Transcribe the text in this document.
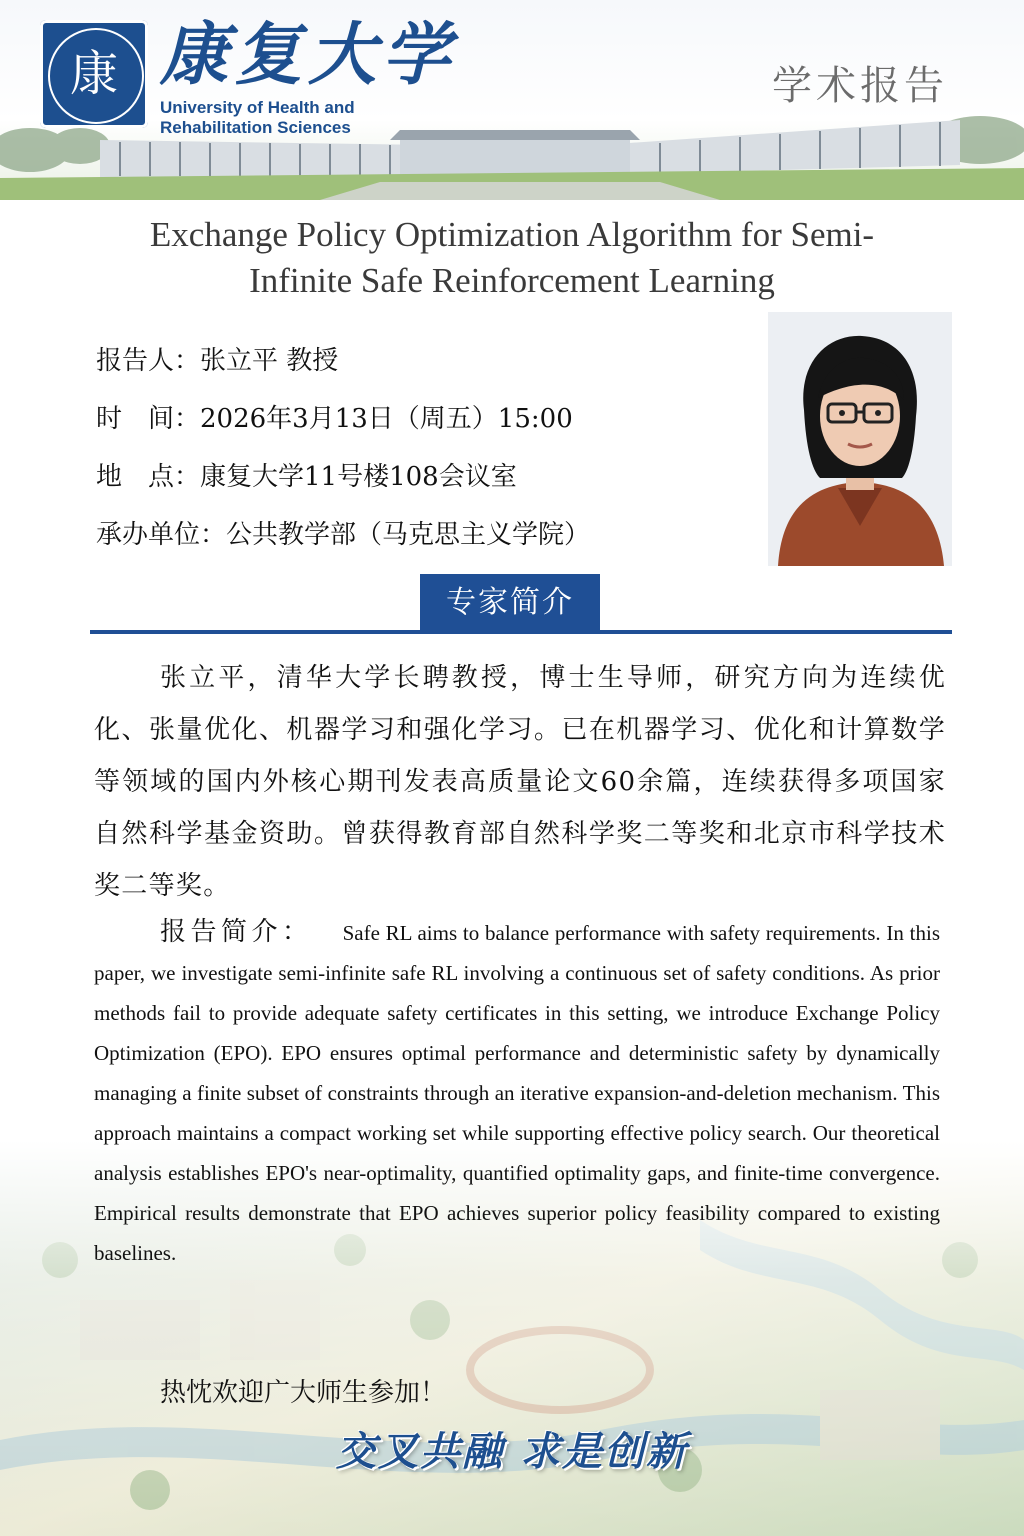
康 康复大学
University of Health and
Rehabilitation Sciences
学术报告
Exchange Policy Optimization Algorithm for Semi-
Infinite Safe Reinforcement Learning
报告人：张立平 教授
时　间：2026年3月13日（周五）15:00
地　点：康复大学11号楼108会议室
承办单位：公共教学部（马克思主义学院）
专家简介

张立平，清华大学长聘教授，博士生导师，研究方向为连续优化、张量优化、机器学习和强化学习。已在机器学习、优化和计算数学等领域的国内外核心期刊发表高质量论文60余篇，连续获得多项国家自然科学基金资助。曾获得教育部自然科学奖二等奖和北京市科学技术奖二等奖。

报告简介： Safe RL aims to balance performance with safety requirements. In this paper, we investigate semi-infinite safe RL involving a continuous set of safety conditions. As prior methods fail to provide adequate safety certificates in this setting, we introduce Exchange Policy Optimization (EPO). EPO ensures optimal performance and deterministic safety by dynamically managing a finite subset of constraints through an iterative expansion-and-deletion mechanism. This approach maintains a compact working set while supporting effective policy search. Our theoretical analysis establishes EPO's near-optimality, quantified optimality gaps, and finite-time convergence. Empirical results demonstrate that EPO achieves superior policy feasibility compared to existing baselines.

热忱欢迎广大师生参加！
交叉共融 求是创新
